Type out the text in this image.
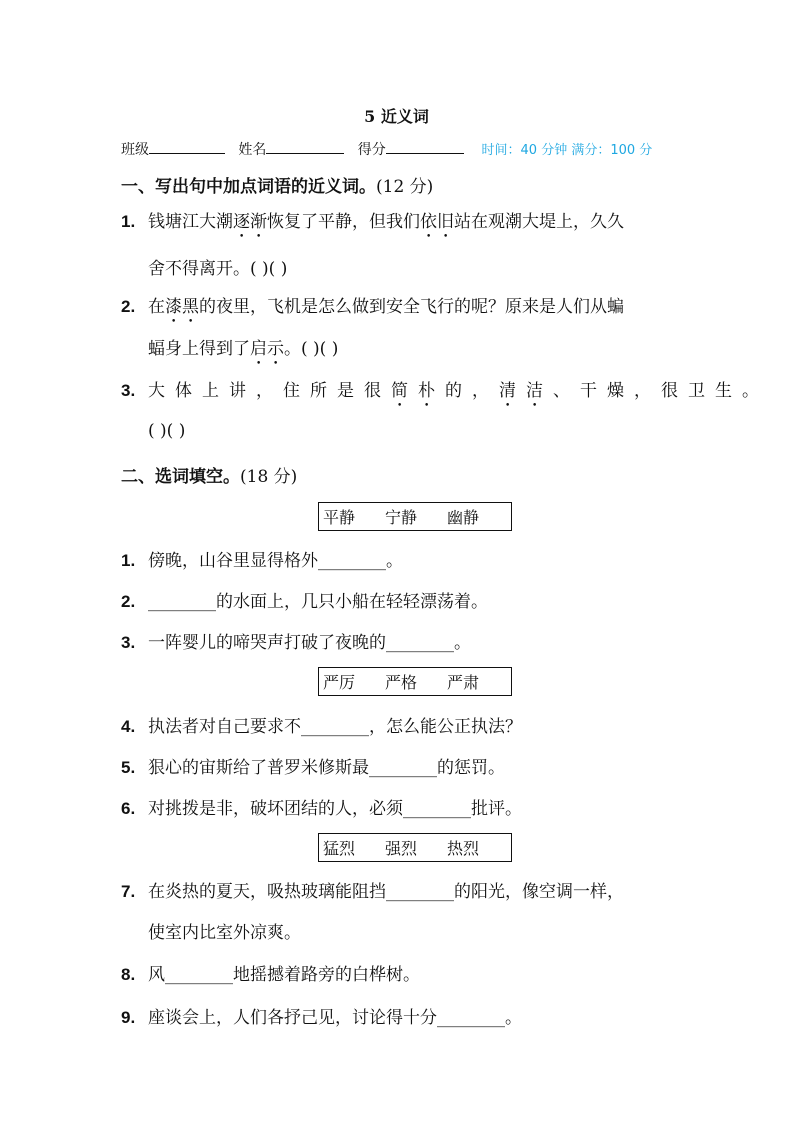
5 近义词
班级	姓名	得分	时间：40 分钟 满分：100 分
一、写出句中加点词语的近义词。(12 分)
1. 钱塘江大潮逐渐恢复了平静，但我们依旧站在观潮大堤上，久久
舍不得离开。( )( )
2. 在漆黑的夜里，飞机是怎么做到安全飞行的呢？原来是人们从蝙
蝠身上得到了启示。( )( )
3. 大体上讲，住所是很简朴的，清洁、干燥，很卫生。
( )( )
二、选词填空。(18 分)
平静 宁静 幽静
1. 傍晚，山谷里显得格外________。
2. ________的水面上，几只小船在轻轻漂荡着。
3. 一阵婴儿的啼哭声打破了夜晚的________。
严厉 严格 严肃
4. 执法者对自己要求不________，怎么能公正执法？
5. 狠心的宙斯给了普罗米修斯最________的惩罚。
6. 对挑拨是非，破坏团结的人，必须________批评。
猛烈 强烈 热烈
7. 在炎热的夏天，吸热玻璃能阻挡________的阳光，像空调一样，
使室内比室外凉爽。
8. 风________地摇撼着路旁的白桦树。
9. 座谈会上，人们各抒己见，讨论得十分________。
